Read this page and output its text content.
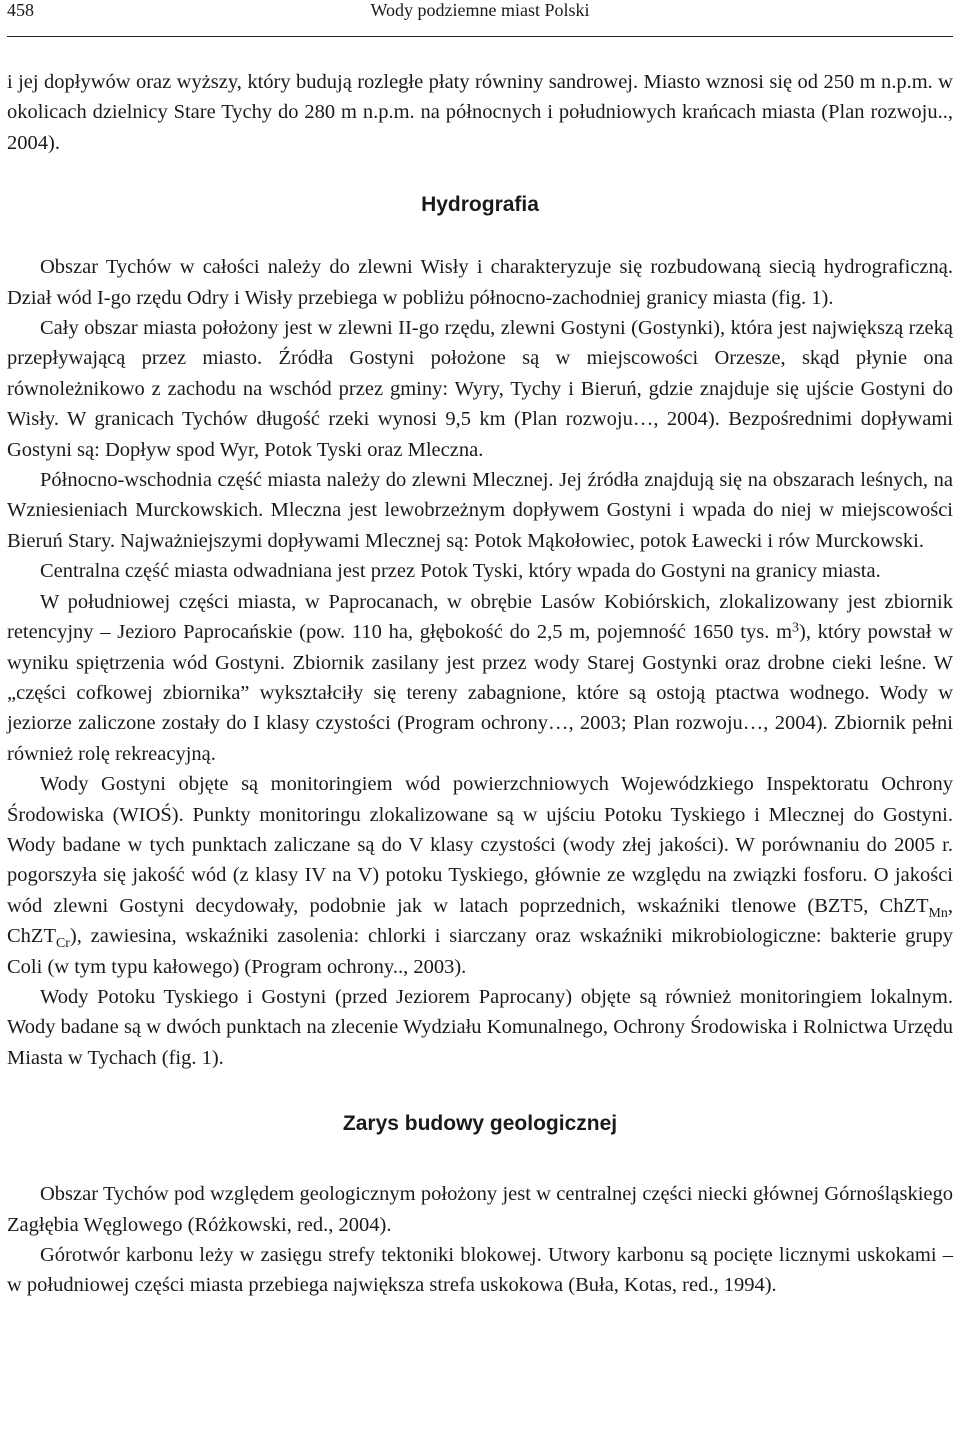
458	Wody podziemne miast Polski

i jej dopływów oraz wyższy, który budują rozległe płaty równiny sandrowej. Miasto wznosi się od 250 m n.p.m. w okolicach dzielnicy Stare Tychy do 280 m n.p.m. na północnych i południowych krańcach miasta (Plan rozwoju.., 2004).

Hydrografia

Obszar Tychów w całości należy do zlewni Wisły i charakteryzuje się rozbudowaną siecią hydrograficzną. Dział wód I-go rzędu Odry i Wisły przebiega w pobliżu północno-zachodniej granicy miasta (fig. 1).

Cały obszar miasta położony jest w zlewni II-go rzędu, zlewni Gostyni (Gostynki), która jest największą rzeką przepływającą przez miasto. Źródła Gostyni położone są w miejscowości Orzesze, skąd płynie ona równoleżnikowo z zachodu na wschód przez gminy: Wyry, Tychy i Bieruń, gdzie znajduje się ujście Gostyni do Wisły. W granicach Tychów długość rzeki wynosi 9,5 km (Plan rozwoju…, 2004). Bezpośrednimi dopływami Gostyni są: Dopływ spod Wyr, Potok Tyski oraz Mleczna.

Północno-wschodnia część miasta należy do zlewni Mlecznej. Jej źródła znajdują się na obszarach leśnych, na Wzniesieniach Murckowskich. Mleczna jest lewobrzeżnym dopływem Gostyni i wpada do niej w miejscowości Bieruń Stary. Najważniejszymi dopływami Mlecznej są: Potok Mąkołowiec, potok Ławecki i rów Murckowski.

Centralna część miasta odwadniana jest przez Potok Tyski, który wpada do Gostyni na granicy miasta.

W południowej części miasta, w Paprocanach, w obrębie Lasów Kobiórskich, zlokalizowany jest zbiornik retencyjny – Jezioro Paprocańskie (pow. 110 ha, głębokość do 2,5 m, pojemność 1650 tys. $m^3$), który powstał w wyniku spiętrzenia wód Gostyni. Zbiornik zasilany jest przez wody Starej Gostynki oraz drobne cieki leśne. W „części cofkowej zbiornika” wykształciły się tereny zabagnione, które są ostoją ptactwa wodnego. Wody w jeziorze zaliczone zostały do I klasy czystości (Program ochrony…, 2003; Plan rozwoju…, 2004). Zbiornik pełni również rolę rekreacyjną.

Wody Gostyni objęte są monitoringiem wód powierzchniowych Wojewódzkiego Inspektoratu Ochrony Środowiska (WIOŚ). Punkty monitoringu zlokalizowane są w ujściu Potoku Tyskiego i Mlecznej do Gostyni. Wody badane w tych punktach zaliczane są do V klasy czystości (wody złej jakości). W porównaniu do 2005 r. pogorszyła się jakość wód (z klasy IV na V) potoku Tyskiego, głównie ze względu na związki fosforu. O jakości wód zlewni Gostyni decydowały, podobnie jak w latach poprzednich, wskaźniki tlenowe (BZT5, ChZT$_{Mn}$, ChZT$_{Cr}$), zawiesina, wskaźniki zasolenia: chlorki i siarczany oraz wskaźniki mikrobiologiczne: bakterie grupy Coli (w tym typu kałowego) (Program ochrony.., 2003).

Wody Potoku Tyskiego i Gostyni (przed Jeziorem Paprocany) objęte są również monitoringiem lokalnym. Wody badane są w dwóch punktach na zlecenie Wydziału Komunalnego, Ochrony Środowiska i Rolnictwa Urzędu Miasta w Tychach (fig. 1).

Zarys budowy geologicznej

Obszar Tychów pod względem geologicznym położony jest w centralnej części niecki głównej Górnośląskiego Zagłębia Węglowego (Różkowski, red., 2004).

Górotwór karbonu leży w zasięgu strefy tektoniki blokowej. Utwory karbonu są pocięte licznymi uskokami – w południowej części miasta przebiega największa strefa uskokowa (Buła, Kotas, red., 1994).
